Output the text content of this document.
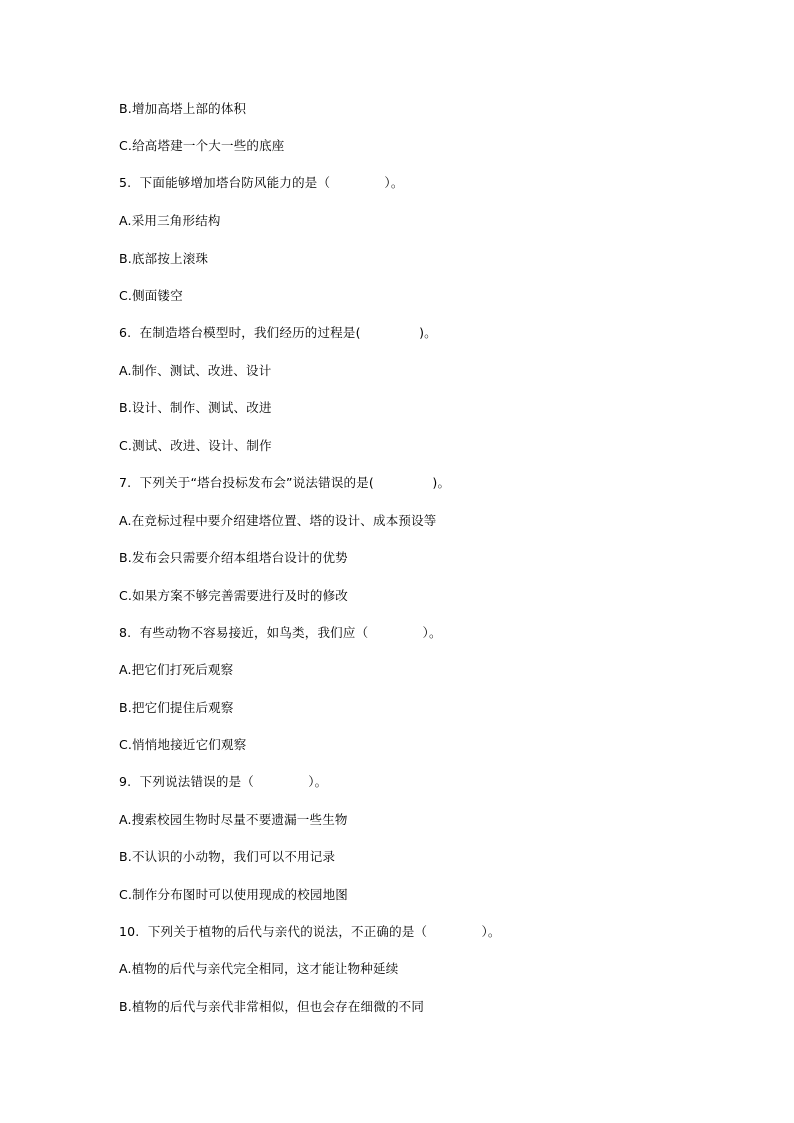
B.增加高塔上部的体积
C.给高塔建一个大一些的底座
5.  下面能够增加塔台防风能力的是（             ）。
A.采用三角形结构
B.底部按上滚珠
C.侧面镂空
6.  在制造塔台模型时，我们经历的过程是(              )。
A.制作、测试、改进、设计
B.设计、制作、测试、改进
C.测试、改进、设计、制作
7.  下列关于“塔台投标发布会”说法错误的是(              )。
A.在竞标过程中要介绍建塔位置、塔的设计、成本预设等
B.发布会只需要介绍本组塔台设计的优势
C.如果方案不够完善需要进行及时的修改
8.  有些动物不容易接近，如鸟类，我们应（             ）。
A.把它们打死后观察
B.把它们提住后观察
C.悄悄地接近它们观察
9.  下列说法错误的是（             ）。
A.搜索校园生物时尽量不要遗漏一些生物
B.不认识的小动物，我们可以不用记录
C.制作分布图时可以使用现成的校园地图
10.  下列关于植物的后代与亲代的说法，不正确的是（             ）。
A.植物的后代与亲代完全相同，这才能让物种延续
B.植物的后代与亲代非常相似，但也会存在细微的不同
